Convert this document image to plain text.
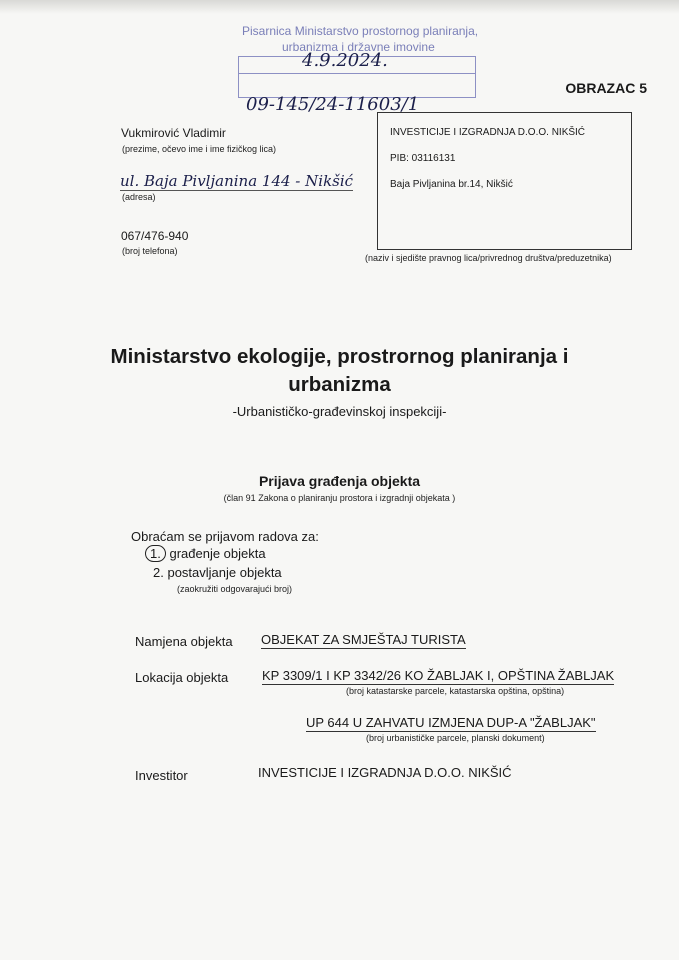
Pisarnica Ministarstvo prostornog planiranja,
urbanizma i državne imovine
4.9.2024.
09-145/24-11603/1
OBRAZAC 5
Vukmirović Vladimir
(prezime, očevo ime i ime fizičkog lica)
ul. Baja Pivljanina 144 - Nikšić
(adresa)
067/476-940
(broj telefona)
INVESTICIJE I IZGRADNJA D.O.O. NIKŠIĆ
PIB: 03116131
Baja Pivljanina br.14, Nikšić
(naziv i sjedište pravnog lica/privrednog društva/preduzetnika)
Ministarstvo ekologije, prostrornog planiranja i
urbanizma
-Urbanističko-građevinskoj inspekciji-
Prijava građenja objekta
(član 91 Zakona o planiranju prostora i izgradnji objekata )
Obraćam se prijavom radova za:
1. građenje objekta
2. postavljanje objekta
(zaokružiti odgovarajući broj)
Namjena objekta OBJEKAT ZA SMJEŠTAJ TURISTA
Lokacija objekta	KP 3309/1 I KP 3342/26 KO ŽABLJAK I, OPŠTINA ŽABLJAK
(broj katastarske parcele, katastarska opština, opština)
UP 644 U ZAHVATU IZMJENA DUP-A "ŽABLJAK"
(broj urbanističke parcele, planski dokument)
Investitor	INVESTICIJE I IZGRADNJA D.O.O. NIKŠIĆ
